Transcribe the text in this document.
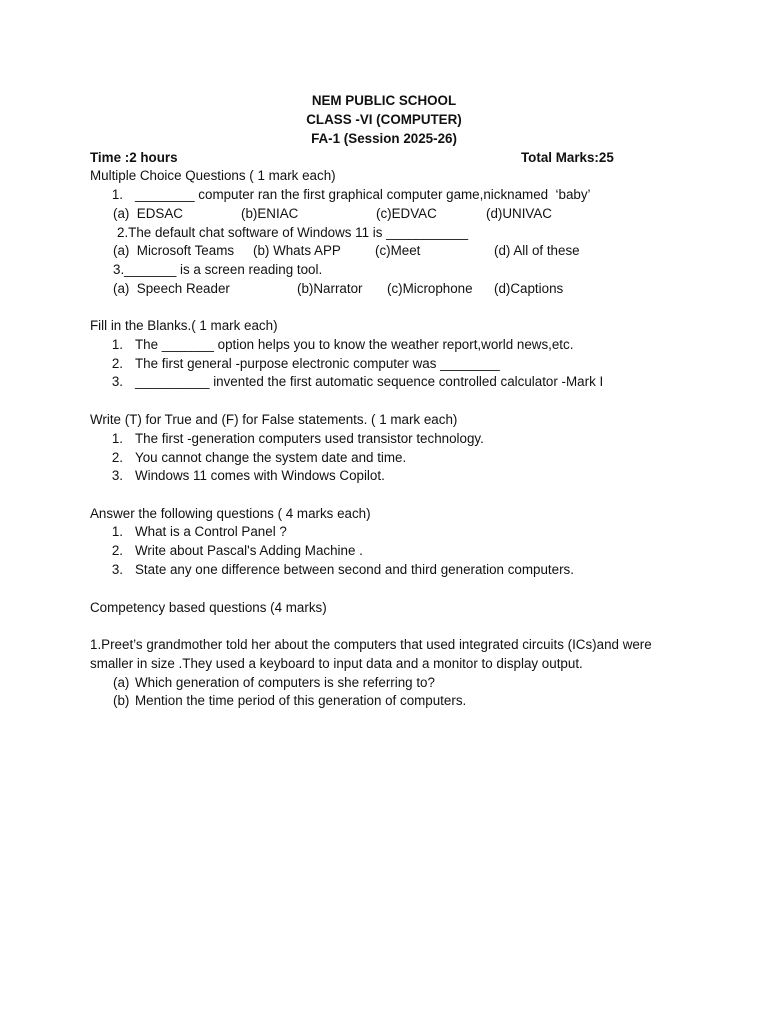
NEM PUBLIC SCHOOL
CLASS -VI (COMPUTER)
FA-1 (Session 2025-26)
Time :2 hours	Total Marks:25
Multiple Choice Questions ( 1 mark each)
1. ________ computer ran the first graphical computer game,nicknamed  ‘baby’
(a)  EDSAC	(b)ENIAC	(c)EDVAC	(d)UNIVAC
2.The default chat software of Windows 11 is ___________
(a)  Microsoft Teams (b) Whats APP	(c)Meet	(d) All of these
3._______ is a screen reading tool.
(a)  Speech Reader	(b)Narrator (c)Microphone (d)Captions
Fill in the Blanks.( 1 mark each)
1. The _______ option helps you to know the weather report,world news,etc.
2. The first general -purpose electronic computer was ________
3. __________ invented the first automatic sequence controlled calculator -Mark I
Write (T) for True and (F) for False statements. ( 1 mark each)
1. The first -generation computers used transistor technology.
2. You cannot change the system date and time.
3. Windows 11 comes with Windows Copilot.
Answer the following questions ( 4 marks each)
1. What is a Control Panel ?
2. Write about Pascal's Adding Machine .
3. State any one difference between second and third generation computers.
Competency based questions (4 marks)
1.Preet’s grandmother told her about the computers that used integrated circuits (ICs)and were
smaller in size .They used a keyboard to input data and a monitor to display output.
(a) Which generation of computers is she referring to?
(b) Mention the time period of this generation of computers.
